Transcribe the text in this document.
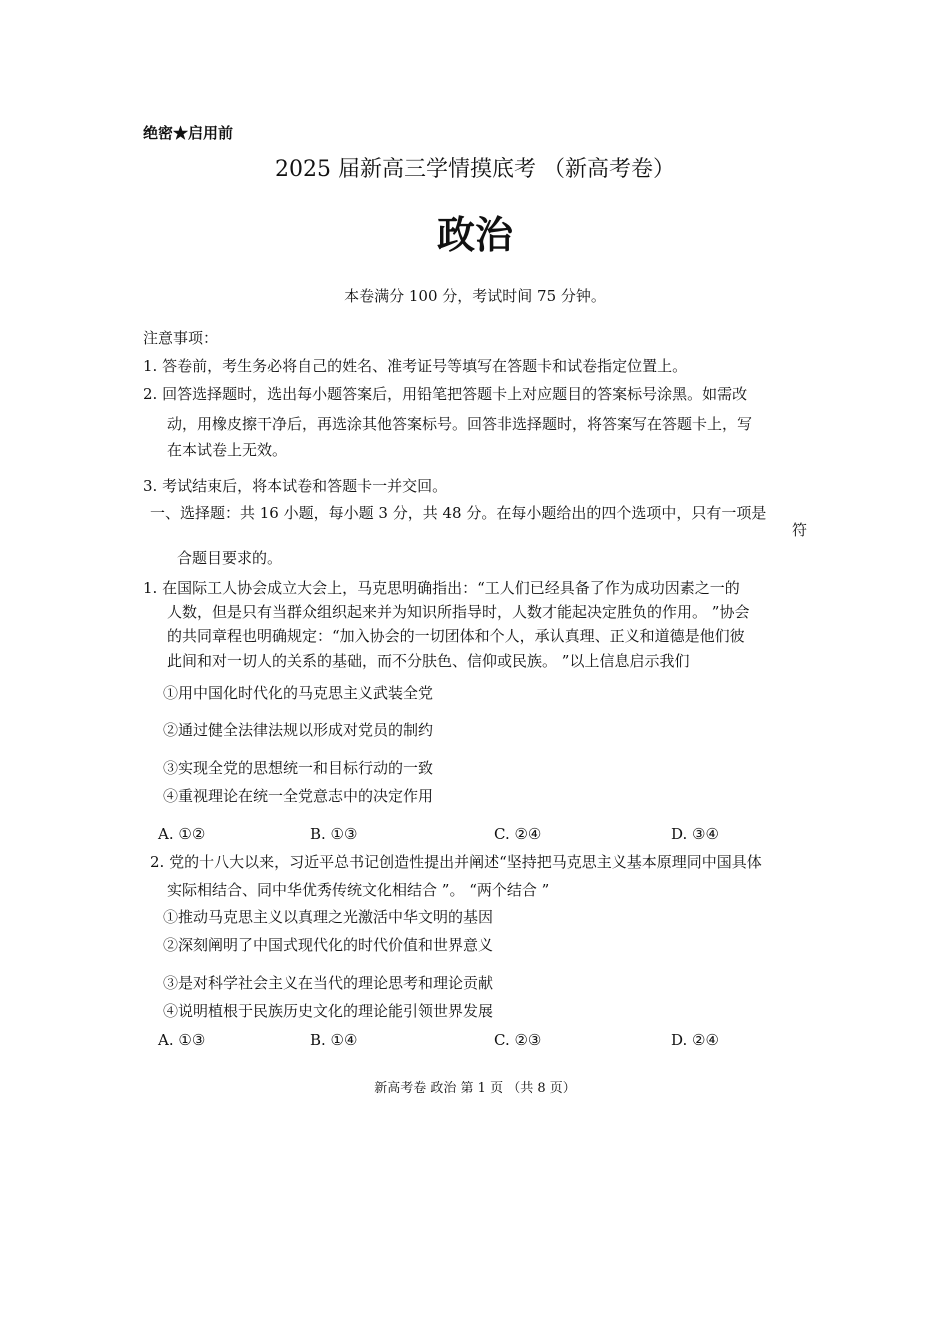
绝密★启用前
2025 届新高三学情摸底考 （新高考卷）
政治
本卷满分 100 分，考试时间 75 分钟。
注意事项：
1. 答卷前，考生务必将自己的姓名、准考证号等填写在答题卡和试卷指定位置上。
2. 回答选择题时，选出每小题答案后，用铅笔把答题卡上对应题目的答案标号涂黑。如需改
动，用橡皮擦干净后，再选涂其他答案标号。回答非选择题时，将答案写在答题卡上，写
在本试卷上无效。
3. 考试结束后，将本试卷和答题卡一并交回。
一、选择题：共 16 小题，每小题 3 分，共 48 分。在每小题给出的四个选项中，只有一项是
符
合题目要求的。
1. 在国际工人协会成立大会上，马克思明确指出：“工人们已经具备了作为成功因素之一的
人数，但是只有当群众组织起来并为知识所指导时，人数才能起决定胜负的作用。 ”协会
的共同章程也明确规定：“加入协会的一切团体和个人，承认真理、正义和道德是他们彼
此间和对一切人的关系的基础，而不分肤色、信仰或民族。 ”以上信息启示我们
①用中国化时代化的马克思主义武装全党
②通过健全法律法规以形成对党员的制约
③实现全党的思想统一和目标行动的一致
④重视理论在统一全党意志中的决定作用
A. ①②	B. ①③	C. ②④	D. ③④
2. 党的十八大以来，习近平总书记创造性提出并阐述“坚持把马克思主义基本原理同中国具体
实际相结合、同中华优秀传统文化相结合 ”。 “两个结合 ”
①推动马克思主义以真理之光激活中华文明的基因
②深刻阐明了中国式现代化的时代价值和世界意义
③是对科学社会主义在当代的理论思考和理论贡献
④说明植根于民族历史文化的理论能引领世界发展
A. ①③	B. ①④	C. ②③	D. ②④
新高考卷 政治 第 1 页 （共 8 页）
